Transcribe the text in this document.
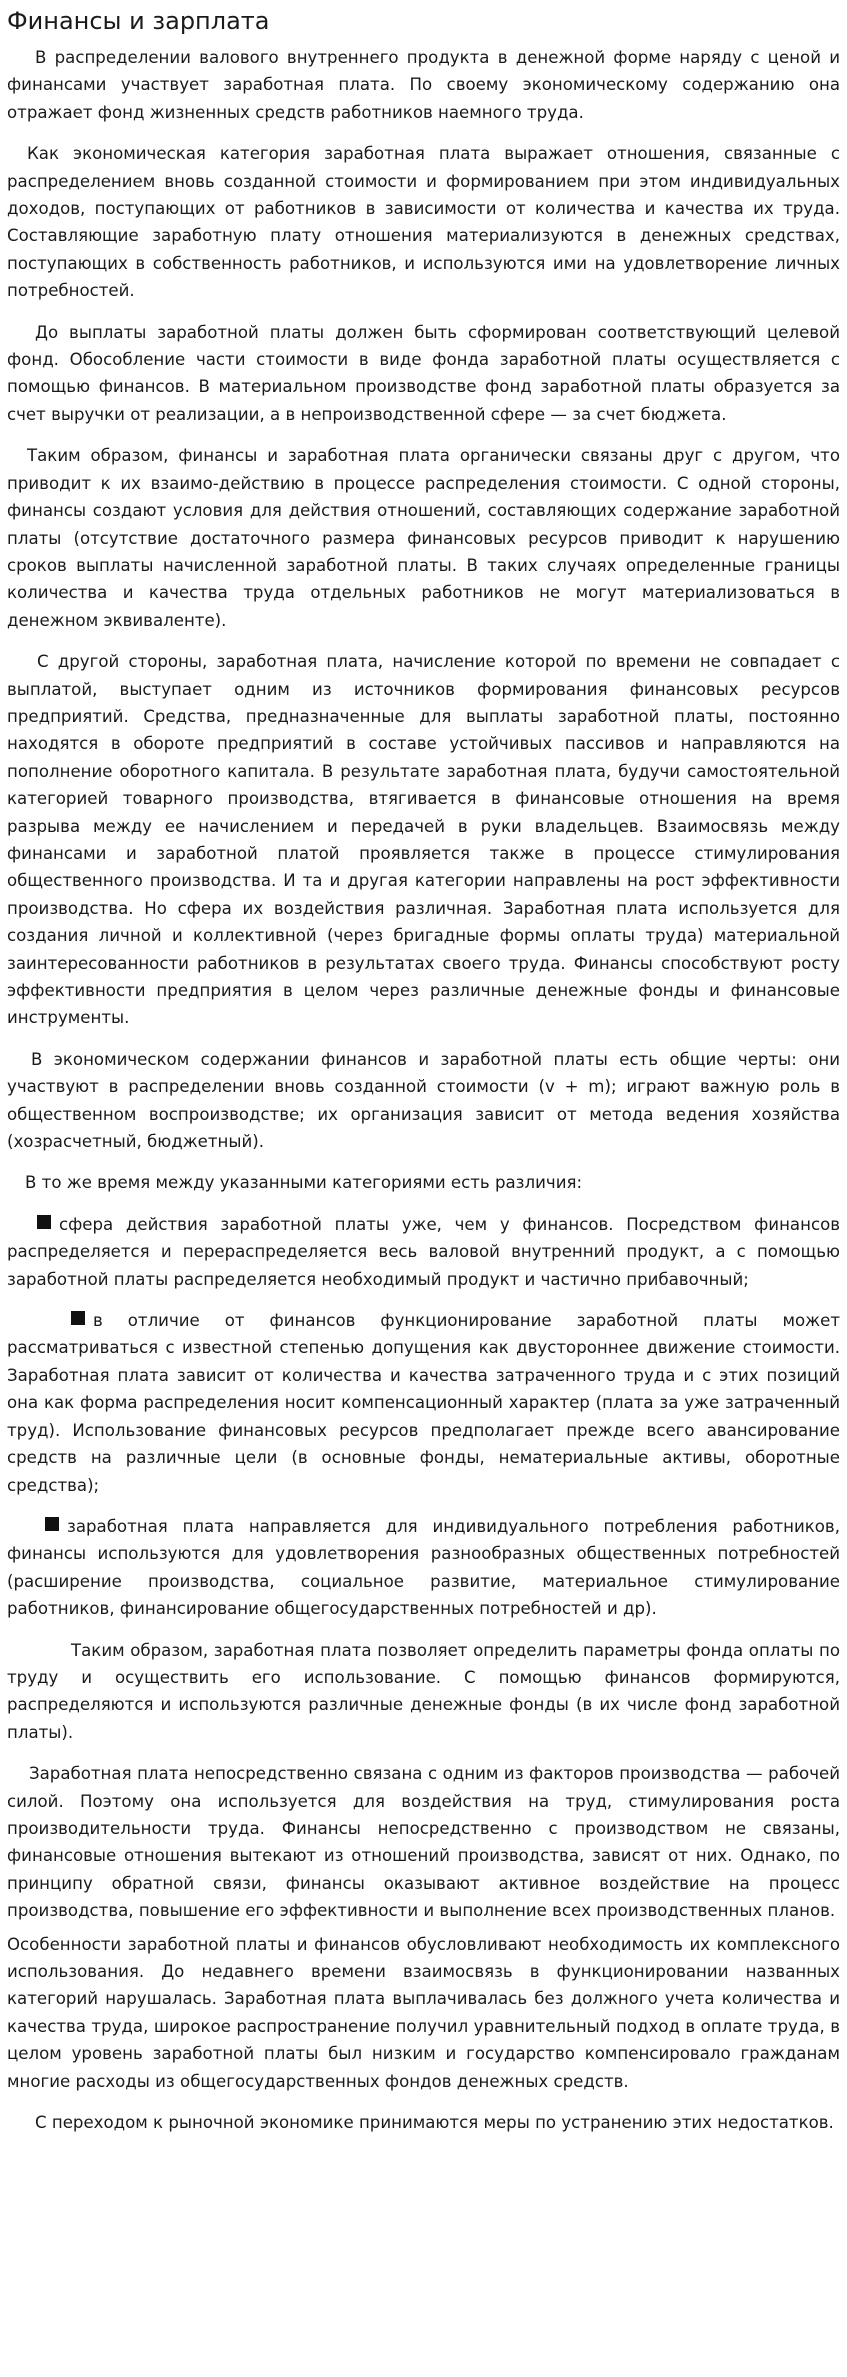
Финансы и зарплата

В распределении валового внутреннего продукта в денежной форме наряду с ценой и финансами участвует заработная плата. По своему экономическому содержанию она отражает фонд жизненных средств работников наемного труда.

Как экономическая категория заработная плата выражает отношения, связанные с распределением вновь созданной стоимости и формированием при этом индивидуальных доходов, поступающих от работников в зависимости от количества и качества их труда. Составляющие заработную плату отношения материализуются в денежных средствах, поступающих в собственность работников, и используются ими на удовлетворение личных потребностей.

До выплаты заработной платы должен быть сформирован соответствующий целевой фонд. Обособление части стоимости в виде фонда заработной платы осуществляется с помощью финансов. В материальном производстве фонд заработной платы образуется за счет выручки от реализации, а в непроизводственной сфере — за счет бюджета.

Таким образом, финансы и заработная плата органически связаны друг с другом, что приводит к их взаимо-действию в процессе распределения стоимости. С одной стороны, финансы создают условия для действия отношений, составляющих содержание заработной платы (отсутствие достаточного размера финансовых ресурсов приводит к нарушению сроков выплаты начисленной заработной платы. В таких случаях определенные границы количества и качества труда отдельных работников не могут материализоваться в денежном эквиваленте).

С другой стороны, заработная плата, начисление которой по времени не совпадает с выплатой, выступает одним из источников формирования финансовых ресурсов предприятий. Средства, предназначенные для выплаты заработной платы, постоянно находятся в обороте предприятий в составе устойчивых пассивов и направляются на пополнение оборотного капитала. В результате заработная плата, будучи самостоятельной категорией товарного производства, втягивается в финансовые отношения на время разрыва между ее начислением и передачей в руки владельцев. Взаимосвязь между финансами и заработной платой проявляется также в процессе стимулирования общественного производства. И та и другая категории направлены на рост эффективности производства. Но сфера их воздействия различная. Заработная плата используется для создания личной и коллективной (через бригадные формы оплаты труда) материальной заинтересованности работников в результатах своего труда. Финансы способствуют росту эффективности предприятия в целом через различные денежные фонды и финансовые инструменты.

В экономическом содержании финансов и заработной платы есть общие черты: они участвуют в распределении вновь созданной стоимости (v + m); играют важную роль в общественном воспроизводстве; их организация зависит от метода ведения хозяйства (хозрасчетный, бюджетный).

В то же время между указанными категориями есть различия:

сфера действия заработной платы уже, чем у финансов. Посредством финансов распределяется и перераспределяется весь валовой внутренний продукт, а с помощью заработной платы распределяется необходимый продукт и частично прибавочный;

в отличие от финансов функционирование заработной платы может рассматриваться с известной степенью допущения как двустороннее движение стоимости. Заработная плата зависит от количества и качества затраченного труда и с этих позиций она как форма распределения носит компенсационный характер (плата за уже затраченный труд). Использование финансовых ресурсов предполагает прежде всего авансирование средств на различные цели (в основные фонды, нематериальные активы, оборотные средства);

заработная плата направляется для индивидуального потребления работников, финансы используются для удовлетворения разнообразных общественных потребностей (расширение производства, социальное развитие, материальное стимулирование работников, финансирование общегосударственных потребностей и др).

Таким образом, заработная плата позволяет определить параметры фонда оплаты по труду и осуществить его использование. С помощью финансов формируются, распределяются и используются различные денежные фонды (в их числе фонд заработной платы).

Заработная плата непосредственно связана с одним из факторов производства — рабочей силой. Поэтому она используется для воздействия на труд, стимулирования роста производительности труда. Финансы непосредственно с производством не связаны, финансовые отношения вытекают из отношений производства, зависят от них. Однако, по принципу обратной связи, финансы оказывают активное воздействие на процесс производства, повышение его эффективности и выполнение всех производственных планов.

Особенности заработной платы и финансов обусловливают необходимость их комплексного использования. До недавнего времени взаимосвязь в функционировании названных категорий нарушалась. Заработная плата выплачивалась без должного учета количества и качества труда, широкое распространение получил уравнительный подход в оплате труда, в целом уровень заработной платы был низким и государство компенсировало гражданам многие расходы из общегосударственных фондов денежных средств.

С переходом к рыночной экономике принимаются меры по устранению этих недостатков.
